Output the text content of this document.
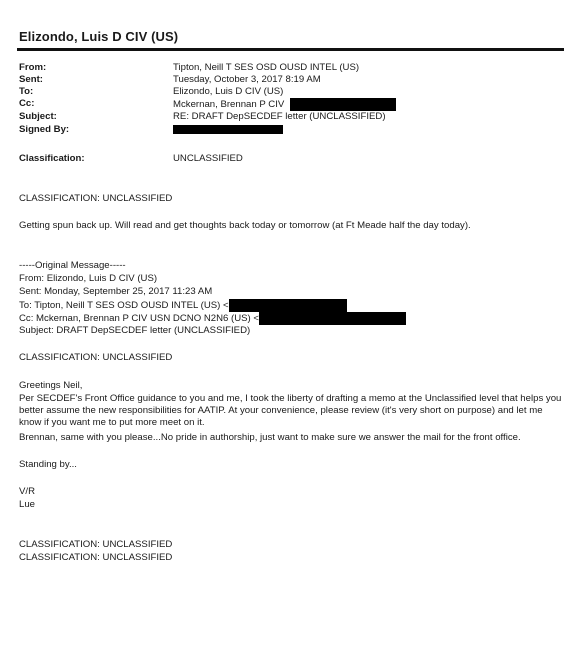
Elizondo, Luis D CIV (US)
From:	Tipton, Neill T SES OSD OUSD INTEL (US)
Sent:	Tuesday, October 3, 2017 8:19 AM
To:	Elizondo, Luis D CIV (US)
Cc:	Mckernan, Brennan P CIV
Subject:	RE: DRAFT DepSECDEF letter (UNCLASSIFIED)
Signed By:
Classification:	UNCLASSIFIED
CLASSIFICATION: UNCLASSIFIED
Getting spun back up. Will read and get thoughts back today or tomorrow (at Ft Meade half the day today).
-----Original Message-----
From: Elizondo, Luis D CIV (US)
Sent: Monday, September 25, 2017 11:23 AM
To: Tipton, Neill T SES OSD OUSD INTEL (US) <
Cc: Mckernan, Brennan P CIV USN DCNO N2N6 (US) <
Subject: DRAFT DepSECDEF letter (UNCLASSIFIED)
CLASSIFICATION: UNCLASSIFIED
Greetings Neil,
Per SECDEF's Front Office guidance to you and me, I took the liberty of drafting a memo at the Unclassified level that helps you better assume the new responsibilities for AATIP. At your convenience, please review (it's very short on purpose) and let me know if you want me to put more meet on it.
Brennan, same with you please...No pride in authorship, just want to make sure we answer the mail for the front office.
Standing by...
V/R
Lue
CLASSIFICATION: UNCLASSIFIED
CLASSIFICATION: UNCLASSIFIED
